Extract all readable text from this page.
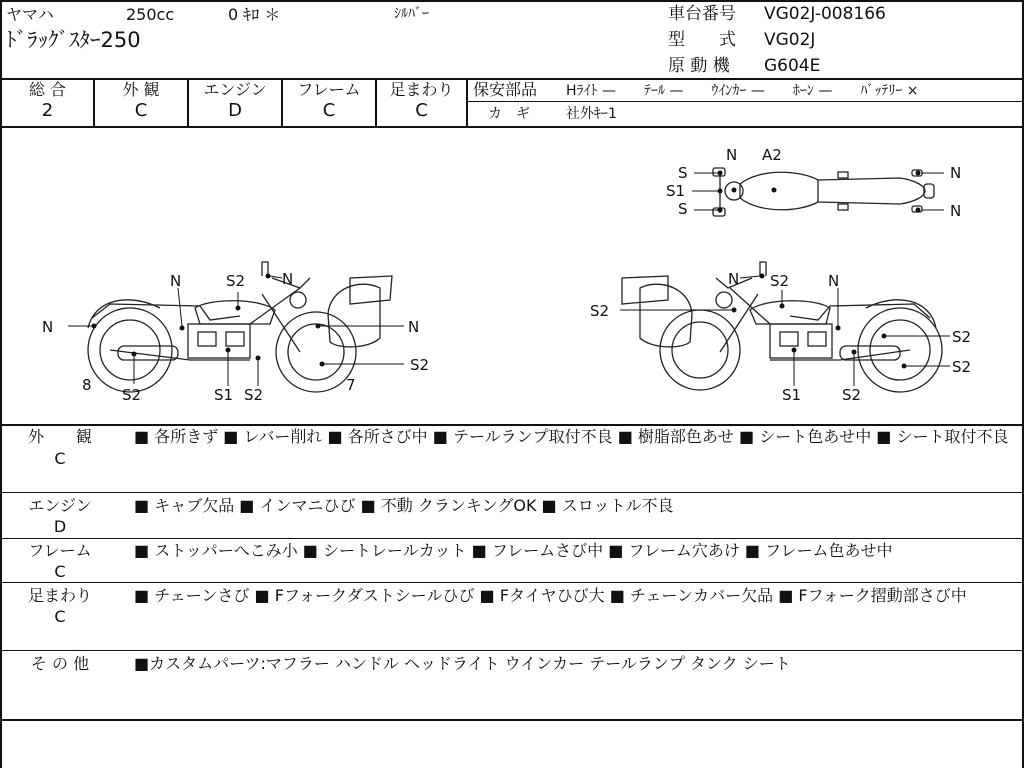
ヤマハ	250cc	0 ｷﾛ ＊	ｼﾙﾊﾞｰ
ﾄﾞﾗｯｸﾞｽﾀｰ250
車台番号 VG02J-008166
型　　式 VG02J
原 動 機 G604E
総 合	外 観	エンジン	フレーム	足まわり
2	C	D	C	C
保安部品 Hﾗｲﾄ —　　ﾃｰﾙ —　　ｳｲﾝｶｰ —　　ﾎｰﾝ —　　ﾊﾞｯﾃﾘｰ ×
カ　ギ	社外ｷｰ1
N A2
S
S1
S
N
N
N
N	S2 N
N
S2
8	7
S2	S1 S2
N S2	N
S2
S2
S2
S1	S2
外　　観
C
■ 各所きず ■ レバー削れ ■ 各所さび中 ■ テールランプ取付不良 ■ 樹脂部色あせ ■ シート色あせ中 ■ シート取付不良
エンジン
D
■ キャブ欠品 ■ インマニひび ■ 不動 クランキングOK ■ スロットル不良
フレーム
C
■ ストッパーへこみ小 ■ シートレールカット ■ フレームさび中 ■ フレーム穴あけ ■ フレーム色あせ中
足まわり
C
■ チェーンさび ■ Fフォークダストシールひび ■ Fタイヤひび大 ■ チェーンカバー欠品 ■ Fフォーク摺動部さび中
そ の 他	■カスタムパーツ:マフラー ハンドル ヘッドライト ウインカー テールランプ タンク シート
